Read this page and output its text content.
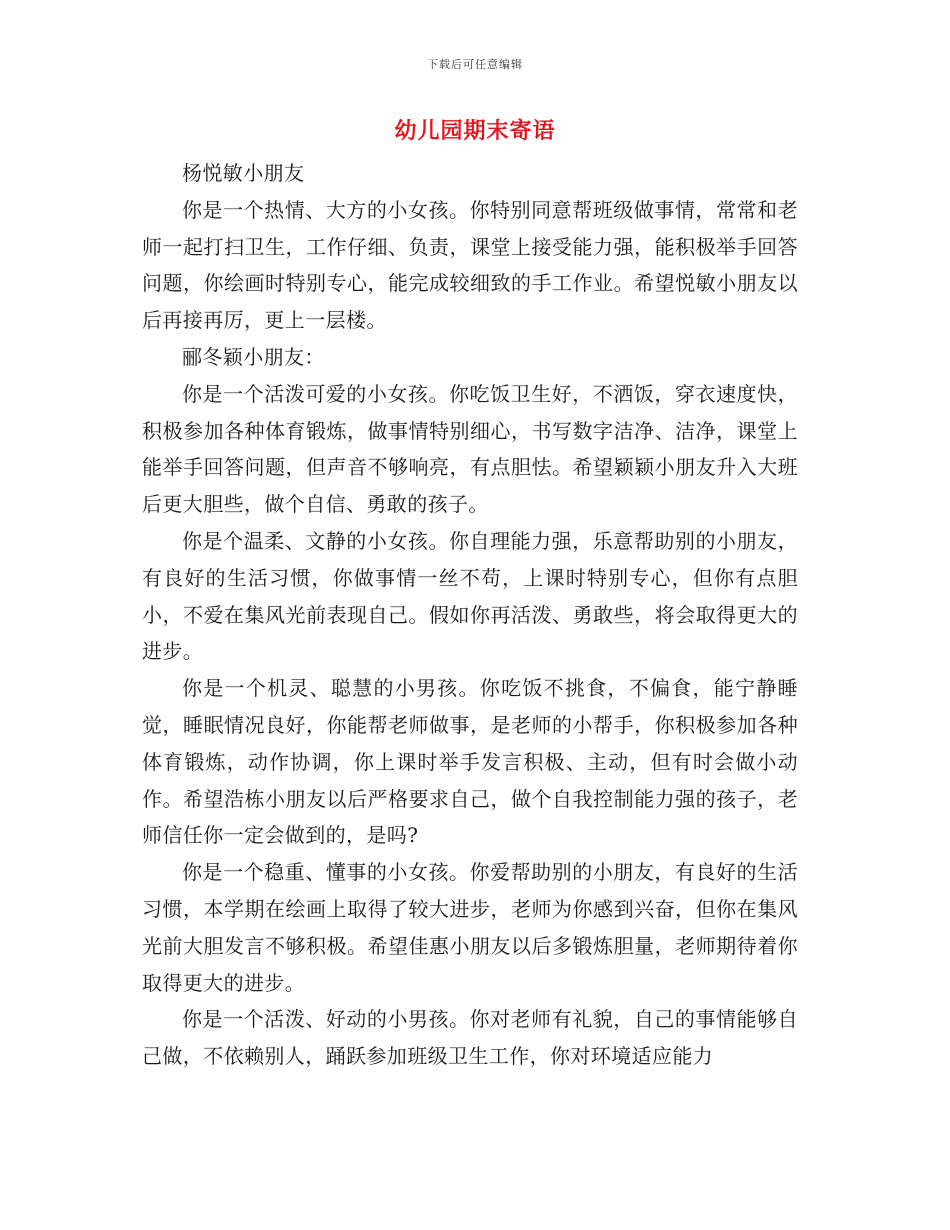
下载后可任意编辑
幼儿园期末寄语

杨悦敏小朋友

你是一个热情、大方的小女孩。你特别同意帮班级做事情，常常和老师一起打扫卫生，工作仔细、负责，课堂上接受能力强，能积极举手回答问题，你绘画时特别专心，能完成较细致的手工作业。希望悦敏小朋友以后再接再厉，更上一层楼。

郦冬颖小朋友：

你是一个活泼可爱的小女孩。你吃饭卫生好，不洒饭，穿衣速度快，积极参加各种体育锻炼，做事情特别细心，书写数字洁净、洁净，课堂上能举手回答问题，但声音不够响亮，有点胆怯。希望颖颖小朋友升入大班后更大胆些，做个自信、勇敢的孩子。

你是个温柔、文静的小女孩。你自理能力强，乐意帮助别的小朋友，有良好的生活习惯，你做事情一丝不苟，上课时特别专心，但你有点胆小，不爱在集风光前表现自己。假如你再活泼、勇敢些，将会取得更大的进步。

你是一个机灵、聪慧的小男孩。你吃饭不挑食，不偏食，能宁静睡觉，睡眠情况良好，你能帮老师做事，是老师的小帮手，你积极参加各种体育锻炼，动作协调，你上课时举手发言积极、主动，但有时会做小动作。希望浩栋小朋友以后严格要求自己，做个自我控制能力强的孩子，老师信任你一定会做到的，是吗?

你是一个稳重、懂事的小女孩。你爱帮助别的小朋友，有良好的生活习惯，本学期在绘画上取得了较大进步，老师为你感到兴奋，但你在集风光前大胆发言不够积极。希望佳惠小朋友以后多锻炼胆量，老师期待着你取得更大的进步。

你是一个活泼、好动的小男孩。你对老师有礼貌，自己的事情能够自己做，不依赖别人，踊跃参加班级卫生工作，你对环境适应能力
